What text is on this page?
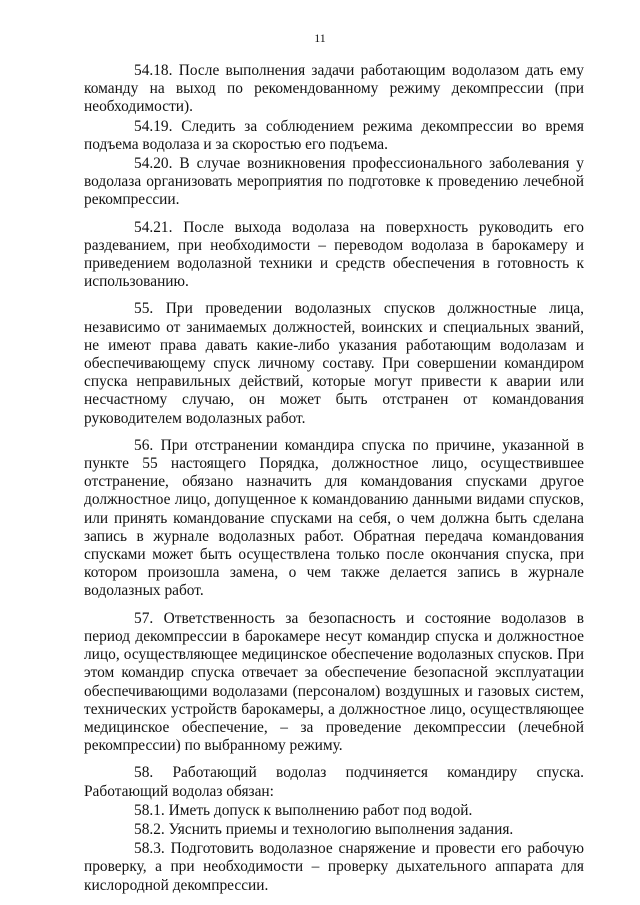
11

54.18. После выполнения задачи работающим водолазом дать ему команду на выход по рекомендованному режиму декомпрессии (при необходимости).

54.19. Следить за соблюдением режима декомпрессии во время подъема водолаза и за скоростью его подъема.

54.20. В случае возникновения профессионального заболевания у водолаза организовать мероприятия по подготовке к проведению лечебной рекомпрессии.

54.21. После выхода водолаза на поверхность руководить его раздеванием, при необходимости – переводом водолаза в барокамеру и приведением водолазной техники и средств обеспечения в готовность к использованию.

55. При проведении водолазных спусков должностные лица, независимо от занимаемых должностей, воинских и специальных званий, не имеют права давать какие-либо указания работающим водолазам и обеспечивающему спуск личному составу. При совершении командиром спуска неправильных действий, которые могут привести к аварии или несчастному случаю, он может быть отстранен от командования руководителем водолазных работ.

56. При отстранении командира спуска по причине, указанной в пункте 55 настоящего Порядка, должностное лицо, осуществившее отстранение, обязано назначить для командования спусками другое должностное лицо, допущенное к командованию данными видами спусков, или принять командование спусками на себя, о чем должна быть сделана запись в журнале водолазных работ. Обратная передача командования спусками может быть осуществлена только после окончания спуска, при котором произошла замена, о чем также делается запись в журнале водолазных работ.

57. Ответственность за безопасность и состояние водолазов в период декомпрессии в барокамере несут командир спуска и должностное лицо, осуществляющее медицинское обеспечение водолазных спусков. При этом командир спуска отвечает за обеспечение безопасной эксплуатации обеспечивающими водолазами (персоналом) воздушных и газовых систем, технических устройств барокамеры, а должностное лицо, осуществляющее медицинское обеспечение, – за проведение декомпрессии (лечебной рекомпрессии) по выбранному режиму.

58. Работающий водолаз подчиняется командиру спуска. Работающий водолаз обязан:

58.1. Иметь допуск к выполнению работ под водой.

58.2. Уяснить приемы и технологию выполнения задания.

58.3. Подготовить водолазное снаряжение и провести его рабочую проверку, а при необходимости – проверку дыхательного аппарата для кислородной декомпрессии.
